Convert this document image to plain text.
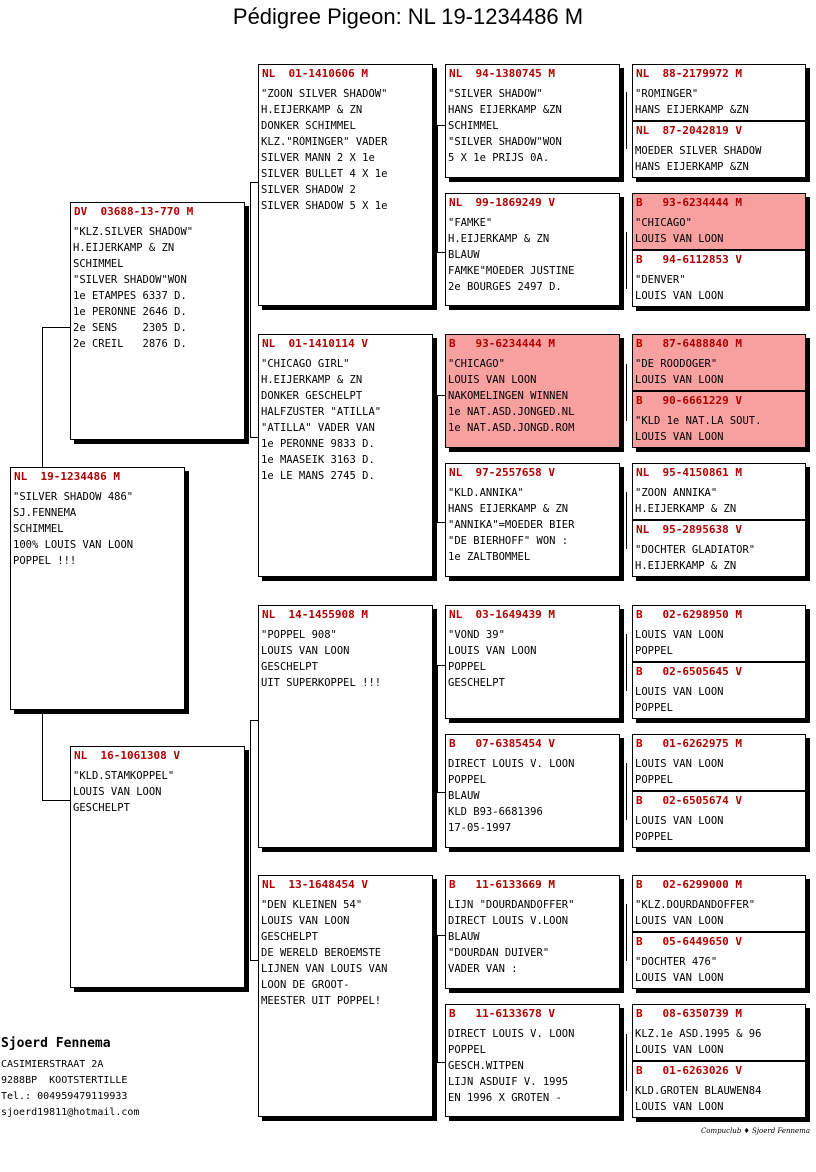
Pédigree Pigeon: NL 19-1234486 M
NL  19-1234486 M
"SILVER SHADOW 486"
SJ.FENNEMA
SCHIMMEL
100% LOUIS VAN LOON
POPPEL !!!
DV  03688-13-770 M
"KLZ.SILVER SHADOW"
H.EIJERKAMP & ZN
SCHIMMEL
"SILVER SHADOW"WON
1e ETAMPES 6337 D.
1e PERONNE 2646 D.
2e SENS    2305 D.
2e CREIL   2876 D.
NL  16-1061308 V
"KLD.STAMKOPPEL"
LOUIS VAN LOON
GESCHELPT
NL  01-1410606 M
"ZOON SILVER SHADOW"
H.EIJERKAMP & ZN
DONKER SCHIMMEL
KLZ."ROMINGER" VADER
SILVER MANN 2 X 1e
SILVER BULLET 4 X 1e
SILVER SHADOW 2
SILVER SHADOW 5 X 1e
NL  01-1410114 V
"CHICAGO GIRL"
H.EIJERKAMP & ZN
DONKER GESCHELPT
HALFZUSTER "ATILLA"
"ATILLA" VADER VAN
1e PERONNE 9833 D.
1e MAASEIK 3163 D.
1e LE MANS 2745 D.
NL  14-1455908 M
"POPPEL 908"
LOUIS VAN LOON
GESCHELPT
UIT SUPERKOPPEL !!!
NL  13-1648454 V
"DEN KLEINEN 54"
LOUIS VAN LOON
GESCHELPT
DE WERELD BEROEMSTE
LIJNEN VAN LOUIS VAN
LOON DE GROOT-
MEESTER UIT POPPEL!
NL  94-1380745 M
"SILVER SHADOW"
HANS EIJERKAMP &ZN
SCHIMMEL
"SILVER SHADOW"WON
5 X 1e PRIJS 0A.
NL  99-1869249 V
"FAMKE"
H.EIJERKAMP & ZN
BLAUW
FAMKE"MOEDER JUSTINE
2e BOURGES 2497 D.
B   93-6234444 M
"CHICAGO"
LOUIS VAN LOON
NAKOMELINGEN WINNEN
1e NAT.ASD.JONGED.NL
1e NAT.ASD.JONGD.ROM
NL  97-2557658 V
"KLD.ANNIKA"
HANS EIJERKAMP & ZN
"ANNIKA"=MOEDER BIER
"DE BIERHOFF" WON :
1e ZALTBOMMEL
NL  03-1649439 M
"VOND 39"
LOUIS VAN LOON
POPPEL
GESCHELPT
B   07-6385454 V
DIRECT LOUIS V. LOON
POPPEL
BLAUW
KLD B93-6681396
17-05-1997
B   11-6133669 M
LIJN "DOURDANDOFFER"
DIRECT LOUIS V.LOON
BLAUW
"DOURDAN DUIVER"
VADER VAN :
B   11-6133678 V
DIRECT LOUIS V. LOON
POPPEL
GESCH.WITPEN
LIJN ASDUIF V. 1995
EN 1996 X GROTEN -
NL  88-2179972 M
"ROMINGER"
HANS EIJERKAMP &ZN
NL  87-2042819 V
MOEDER SILVER SHADOW
HANS EIJERKAMP &ZN
B   93-6234444 M
"CHICAGO"
LOUIS VAN LOON
B   94-6112853 V
"DENVER"
LOUIS VAN LOON
B   87-6488840 M
"DE ROODOGER"
LOUIS VAN LOON
B   90-6661229 V
"KLD 1e NAT.LA SOUT.
LOUIS VAN LOON
NL  95-4150861 M
"ZOON ANNIKA"
H.EIJERKAMP & ZN
NL  95-2895638 V
"DOCHTER GLADIATOR"
H.EIJERKAMP & ZN
B   02-6298950 M
LOUIS VAN LOON
POPPEL
B   02-6505645 V
LOUIS VAN LOON
POPPEL
B   01-6262975 M
LOUIS VAN LOON
POPPEL
B   02-6505674 V
LOUIS VAN LOON
POPPEL
B   02-6299000 M
"KLZ.DOURDANDOFFER"
LOUIS VAN LOON
B   05-6449650 V
"DOCHTER 476"
LOUIS VAN LOON
B   08-6350739 M
KLZ.1e ASD.1995 & 96
LOUIS VAN LOON
B   01-6263026 V
KLD.GROTEN BLAUWEN84
LOUIS VAN LOON
Sjoerd Fennema
CASIMIERSTRAAT 2A
9288BP  KOOTSTERTILLE
Tel.: 004959479119933
sjoerd19811@hotmail.com
Compuclub ♦ Sjoerd Fennema
